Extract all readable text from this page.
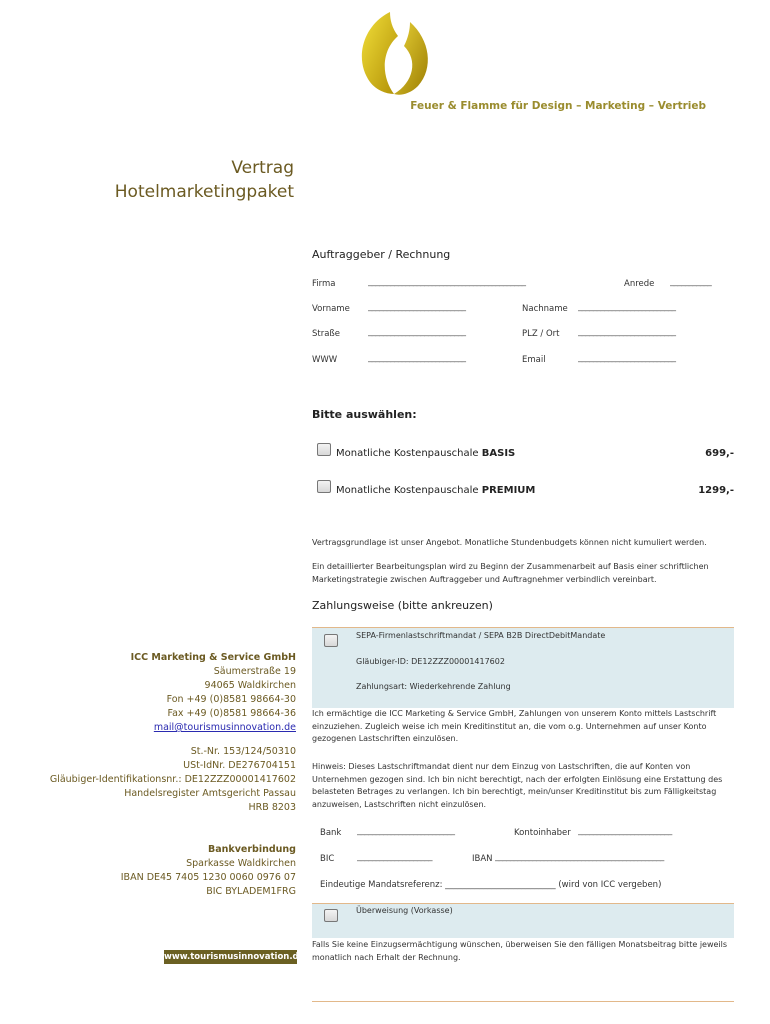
Feuer & Flamme für Design – Marketing – Vertrieb
Vertrag
Hotelmarketingpaket
Auftraggeber / Rechnung
Firma	__________________________________________	Anrede ___________
Vorname __________________________	Nachname __________________________
Straße	__________________________	PLZ / Ort __________________________
WWW	__________________________	Email	__________________________
Bitte auswählen:
Monatliche Kostenpauschale BASIS	699,-
Monatliche Kostenpauschale PREMIUM	1299,-
Vertragsgrundlage ist unser Angebot. Monatliche Stundenbudgets können nicht kumuliert werden.
Ein detaillierter Bearbeitungsplan wird zu Beginn der Zusammenarbeit auf Basis einer schriftlichen Marketingstrategie zwischen Auftraggeber und Auftragnehmer verbindlich vereinbart.
Zahlungsweise (bitte ankreuzen)
SEPA-Firmenlastschriftmandat / SEPA B2B DirectDebitMandate
Gläubiger-ID: DE12ZZZ00001417602
Zahlungsart: Wiederkehrende Zahlung
Ich ermächtige die ICC Marketing & Service GmbH, Zahlungen von unserem Konto mittels Lastschrift einzuziehen. Zugleich weise ich mein Kreditinstitut an, die vom o.g. Unternehmen auf unser Konto gezogenen Lastschriften einzulösen.
Hinweis: Dieses Lastschriftmandat dient nur dem Einzug von Lastschriften, die auf Konten von Unternehmen gezogen sind. Ich bin nicht berechtigt, nach der erfolgten Einlösung eine Erstattung des belasteten Betrages zu verlangen. Ich bin berechtigt, mein/unser Kreditinstitut bis zum Fälligkeitstag anzuweisen, Lastschriften nicht einzulösen.
Bank __________________________	Kontoinhaber _________________________
BIC	____________________	IBAN _____________________________________________
Eindeutige Mandatsreferenz: __________________________ (wird von ICC vergeben)
Überweisung (Vorkasse)
Falls Sie keine Einzugsermächtigung wünschen, überweisen Sie den fälligen Monatsbeitrag bitte jeweils monatlich nach Erhalt der Rechnung.
ICC Marketing & Service GmbH
Säumerstraße 19
94065 Waldkirchen
Fon +49 (0)8581 98664-30
Fax +49 (0)8581 98664-36
mail@tourismusinnovation.de
St.-Nr. 153/124/50310
USt-IdNr. DE276704151
Gläubiger-Identifikationsnr.: DE12ZZZ00001417602
Handelsregister Amtsgericht Passau
HRB 8203
Bankverbindung
Sparkasse Waldkirchen
IBAN DE45 7405 1230 0060 0976 07
BIC BYLADEM1FRG
www.tourismusinnovation.de
